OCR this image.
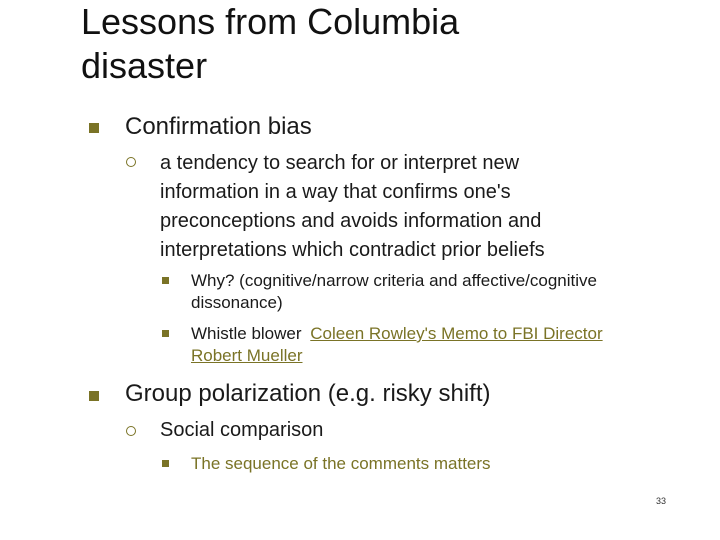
Lessons from Columbia
disaster
Confirmation bias
a tendency to search for or interpret new
information in a way that confirms one's
preconceptions and avoids information and
interpretations which contradict prior beliefs
Why? (cognitive/narrow criteria and affective/cognitive
dissonance)
Whistle blower Coleen Rowley's Memo to FBI Director
Robert Mueller
Group polarization (e.g. risky shift)
Social comparison
The sequence of the comments matters
33
